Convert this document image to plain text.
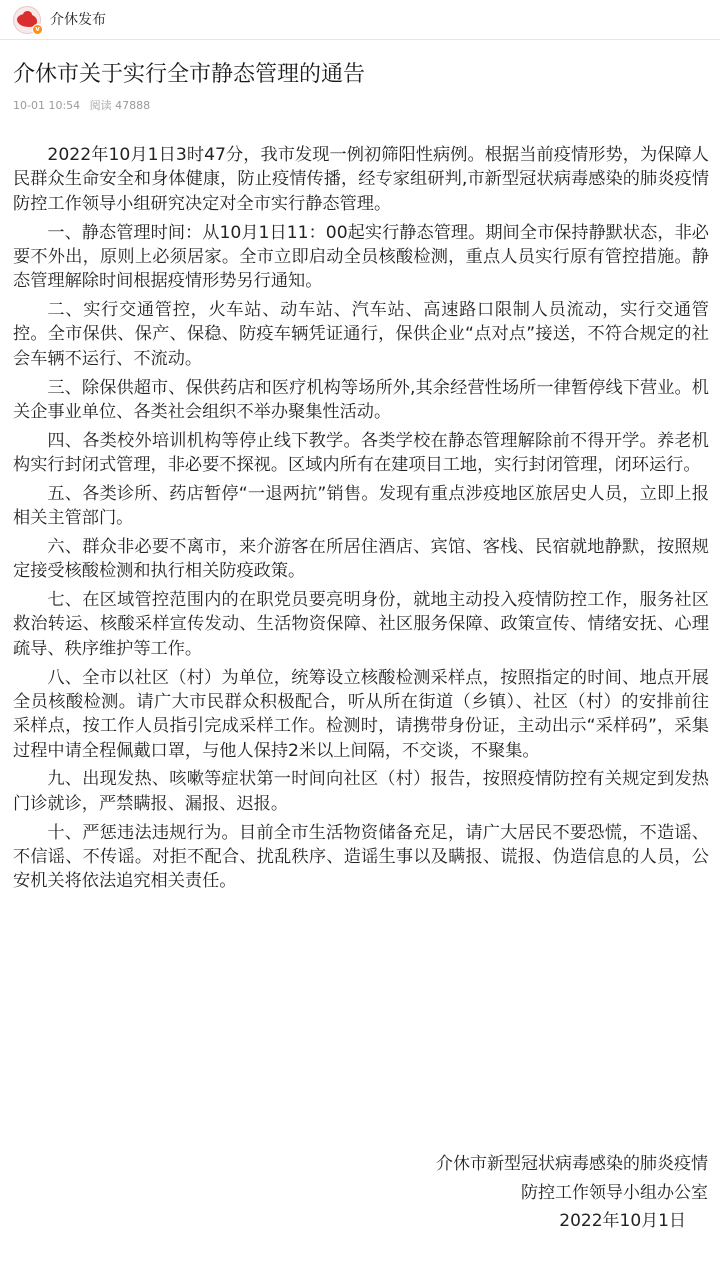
v
介休发布
介休市关于实行全市静态管理的通告
10-01 10:54 阅读 47888

2022年10月1日3时47分，我市发现一例初筛阳性病例。根据当前疫情形势，为保障人民群众生命安全和身体健康，防止疫情传播，经专家组研判,市新型冠状病毒感染的肺炎疫情防控工作领导小组研究决定对全市实行静态管理。

一、静态管理时间：从10月1日11：00起实行静态管理。期间全市保持静默状态，非必要不外出，原则上必须居家。全市立即启动全员核酸检测，重点人员实行原有管控措施。静态管理解除时间根据疫情形势另行通知。

二、实行交通管控，火车站、动车站、汽车站、高速路口限制人员流动，实行交通管控。全市保供、保产、保稳、防疫车辆凭证通行，保供企业“点对点”接送，不符合规定的社会车辆不运行、不流动。

三、除保供超市、保供药店和医疗机构等场所外,其余经营性场所一律暂停线下营业。机关企事业单位、各类社会组织不举办聚集性活动。

四、各类校外培训机构等停止线下教学。各类学校在静态管理解除前不得开学。养老机构实行封闭式管理，非必要不探视。区域内所有在建项目工地，实行封闭管理，闭环运行。

五、各类诊所、药店暂停“一退两抗”销售。发现有重点涉疫地区旅居史人员，立即上报相关主管部门。

六、群众非必要不离市，来介游客在所居住酒店、宾馆、客栈、民宿就地静默，按照规定接受核酸检测和执行相关防疫政策。

七、在区域管控范围内的在职党员要亮明身份，就地主动投入疫情防控工作，服务社区救治转运、核酸采样宣传发动、生活物资保障、社区服务保障、政策宣传、情绪安抚、心理疏导、秩序维护等工作。

八、全市以社区（村）为单位，统筹设立核酸检测采样点，按照指定的时间、地点开展全员核酸检测。请广大市民群众积极配合，听从所在街道（乡镇）、社区（村）的安排前往采样点，按工作人员指引完成采样工作。检测时，请携带身份证，主动出示“采样码”，采集过程中请全程佩戴口罩，与他人保持2米以上间隔，不交谈，不聚集。

九、出现发热、咳嗽等症状第一时间向社区（村）报告，按照疫情防控有关规定到发热门诊就诊，严禁瞒报、漏报、迟报。

十、严惩违法违规行为。目前全市生活物资储备充足，请广大居民不要恐慌，不造谣、不信谣、不传谣。对拒不配合、扰乱秩序、造谣生事以及瞒报、谎报、伪造信息的人员，公安机关将依法追究相关责任。

介休市新型冠状病毒感染的肺炎疫情
防控工作领导小组办公室
2022年10月1日
